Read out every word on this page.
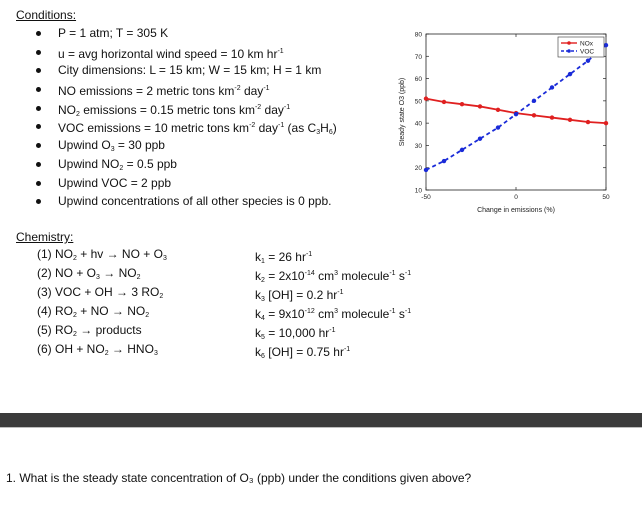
Conditions:
P = 1 atm; T = 305 K
u = avg horizontal wind speed = 10 km $hr^{-1}$
City dimensions: L = 15 km; W = 15 km; H = 1 km
NO emissions = 2 metric tons $km^{-2}$ day$^{-1}$
$NO_2$ emissions = 0.15 metric tons $km^{-2}$ day$^{-1}$
VOC emissions = 10 metric tons $km^{-2}$ day$^{-1}$ (as $C_3H_6$)
Upwind $O_3 = 30$ ppb
Upwind $NO_2 = 0.5$ ppb
Upwind VOC = 2 ppb
Upwind concentrations of all other species is 0 ppb.
10
20
30
40
50
60
70
80
-50	0	50
Change in emissions (%)
Steady state O3 (ppb)
NOx
VOC
Chemistry:
(1) $NO_2$ + hv → NO + $O_3$
(2) NO + $O_3 \to NO_2$
(3) VOC + OH → 3 $RO_2$
(4) $RO_2$ + NO → $NO_2$
(5) $RO_2$ → products
(6) OH + $NO_2 \to HNO_3$
$k_1 = 26$ $hr^{-1}$
$k_2 = 2x10^{-14}$ $cm^3$ molecule$^{-1}$ $s^{-1}$
$k_3$ [OH] = 0.2 $hr^{-1}$
$k_4 = 9x10^{-12}$ $cm^3$ molecule$^{-1}$ $s^{-1}$
$k_5 = 10,000$ $hr^{-1}$
$k_6$ [OH] = 0.75 $hr^{-1}$
1. What is the steady state concentration of O₃ (ppb) under the conditions given above?
